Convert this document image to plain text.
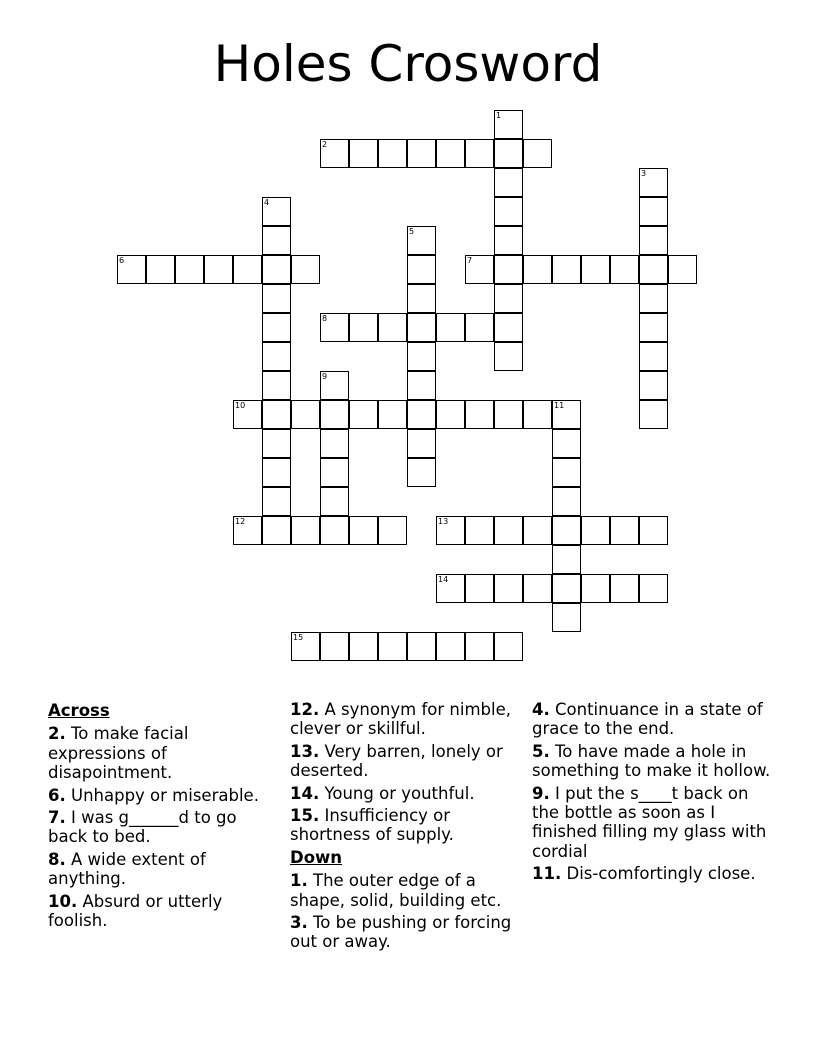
Holes Crosword
1
2
3
4
5
6	7
8
9
10	11
12	13
14
15
Across
2. To make facial expressions of disapointment.
6. Unhappy or miserable.
7. I was g______d to go back to bed.
8. A wide extent of anything.
10. Absurd or utterly foolish.
12. A synonym for nimble, clever or skillful.
13. Very barren, lonely or deserted.
14. Young or youthful.
15. Insufficiency or shortness of supply.
Down
1. The outer edge of a shape, solid, building etc.
3. To be pushing or forcing out or away.
4. Continuance in a state of grace to the end.
5. To have made a hole in something to make it hollow.
9. I put the s____t back on the bottle as soon as I finished filling my glass with cordial
11. Dis-comfortingly close.
